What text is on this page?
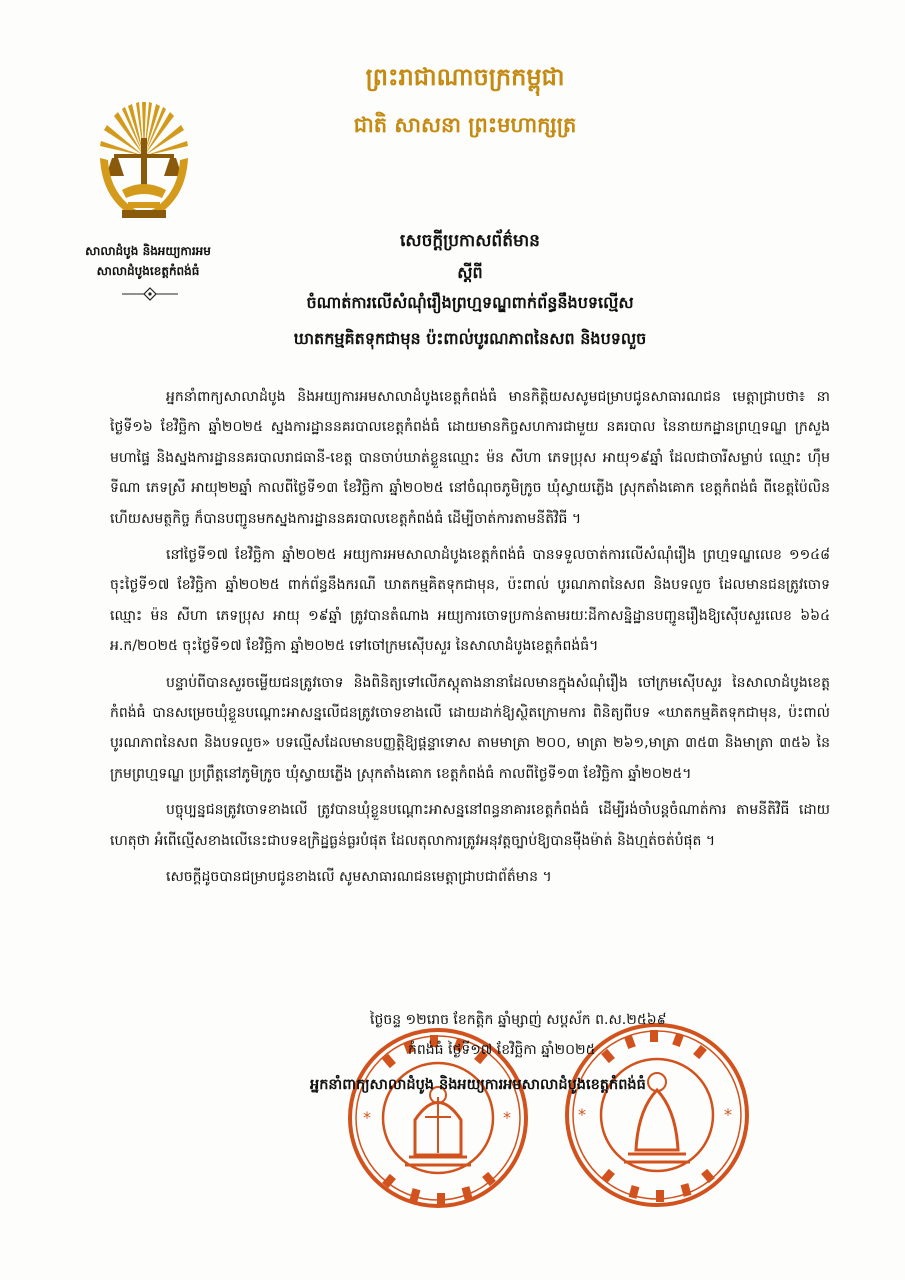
ព្រះរាជាណាចក្រកម្ពុជា
ជាតិ សាសនា ព្រះមហាក្សត្រ
សាលាដំបូង និងអយ្យការអម
សាលាដំបូងខេត្តកំពង់ធំ
សេចក្តីប្រកាសព័ត៌មាន
ស្តីពី
ចំណាត់ការលើសំណុំរឿងព្រហ្មទណ្ឌពាក់ព័ន្ធនឹងបទល្មើស
ឃាតកម្មគិតទុកជាមុន ប៉ះពាល់បូរណភាពនៃសព និងបទលួច

អ្នកនាំពាក្យសាលាដំបូង និងអយ្យការអមសាលាដំបូងខេត្តកំពង់ធំ មានកិត្តិយសសូមជម្រាបជូនសាធារណជន មេត្តាជ្រាបថា៖ នាថ្ងៃទី១៦ ខែវិច្ឆិកា ឆ្នាំ២០២៥ ស្នងការដ្ឋាននគរបាលខេត្តកំពង់ធំ ដោយមានកិច្ចសហការជាមួយ នគរបាល នៃនាយកដ្ឋានព្រហ្មទណ្ឌ ក្រសួងមហាផ្ទៃ និងស្នងការដ្ឋាននគរបាលរាជធានី-ខេត្ត បានចាប់ឃាត់ខ្លួនឈ្មោះ ម៉ន សីហា ភេទប្រុស អាយុ១៩ឆ្នាំ ដែលជាចារីសម្លាប់ ឈ្មោះ ហ៊ឹម ទីណា ភេទស្រី អាយុ២២ឆ្នាំ កាលពីថ្ងៃទី១៣ ខែវិច្ឆិកា ឆ្នាំ២០២៥ នៅចំណុចភូមិក្រូច ឃុំស្វាយភ្លើង ស្រុកតាំងគោក ខេត្តកំពង់ធំ ពីខេត្តប៉ៃលិន ហើយសមត្ថកិច្ច ក៏បានបញ្ជូនមកស្នងការដ្ឋាននគរបាលខេត្តកំពង់ធំ ដើម្បីចាត់ការតាមនីតិវិធី ។

នៅថ្ងៃទី១៧ ខែវិច្ឆិកា ឆ្នាំ២០២៥ អយ្យការអមសាលាដំបូងខេត្តកំពង់ធំ បានទទួលចាត់ការលើសំណុំរឿង ព្រហ្មទណ្ឌលេខ ១១៤៨ ចុះថ្ងៃទី១៧ ខែវិច្ឆិកា ឆ្នាំ២០២៥ ពាក់ព័ន្ធនឹងករណី ឃាតកម្មគិតទុកជាមុន, ប៉ះពាល់ បូរណភាពនៃសព និងបទលួច ដែលមានជនត្រូវចោទឈ្មោះ ម៉ន សីហា ភេទប្រុស អាយុ ១៩ឆ្នាំ ត្រូវបានតំណាង អយ្យការចោទប្រកាន់តាមរយៈដីកាសន្និដ្ឋានបញ្ជូនរឿងឱ្យស៊ើបសួរលេខ ៦៦៤ អ.ក/២០២៥ ចុះថ្ងៃទី១៧ ខែវិច្ឆិកា ឆ្នាំ២០២៥ ទៅចៅក្រមស៊ើបសួរ នៃសាលាដំបូងខេត្តកំពង់ធំ។

បន្ទាប់ពីបានសួរចម្លើយជនត្រូវចោទ និងពិនិត្យទៅលើភស្តុតាងនានាដែលមានក្នុងសំណុំរឿង ចៅក្រមស៊ើបសួរ នៃសាលាដំបូងខេត្តកំពង់ធំ បានសម្រេចឃុំខ្លួនបណ្តោះអាសន្នលើជនត្រូវចោទខាងលើ ដោយដាក់ឱ្យស្ថិតក្រោមការ ពិនិត្យពីបទ «ឃាតកម្មគិតទុកជាមុន, ប៉ះពាល់បូរណភាពនៃសព និងបទលួច» បទល្មើសដែលមានបញ្ញត្តិឱ្យផ្តន្ទាទោស តាមមាត្រា ២០០, មាត្រា ២៦១,មាត្រា ៣៥៣ និងមាត្រា ៣៥៦ នៃក្រមព្រហ្មទណ្ឌ ប្រព្រឹត្តនៅភូមិក្រូច ឃុំស្វាយភ្លើង ស្រុកតាំងគោក ខេត្តកំពង់ធំ កាលពីថ្ងៃទី១៣ ខែវិច្ឆិកា ឆ្នាំ២០២៥។

បច្ចុប្បន្នជនត្រូវចោទខាងលើ ត្រូវបានឃុំខ្លួនបណ្តោះអាសន្ននៅពន្ធនាគារខេត្តកំពង់ធំ ដើម្បីរង់ចាំបន្តចំណាត់ការ តាមនីតិវិធី ដោយហេតុថា អំពើល្មើសខាងលើនេះជាបទឧក្រិដ្ឋធ្ងន់ធ្ងរបំផុត ដែលតុលាការត្រូវអនុវត្តច្បាប់ឱ្យបានម៉ឺងម៉ាត់ និងហ្មត់ចត់បំផុត ។

សេចក្តីដូចបានជម្រាបជូនខាងលើ សូមសាធារណជនមេត្តាជ្រាបជាព័ត៌មាន ។

*	*	*	*
ថ្ងៃចន្ទ ១២រោច ខែកត្តិក ឆ្នាំម្សាញ់ សប្តស័ក ព.ស.២៥៦៩
កំពង់ធំ ថ្ងៃទី១៧ ខែវិច្ឆិកា ឆ្នាំ២០២៥
អ្នកនាំពាក្យសាលាដំបូង និងអយ្យការអមសាលាដំបូងខេត្តកំពង់ធំ
